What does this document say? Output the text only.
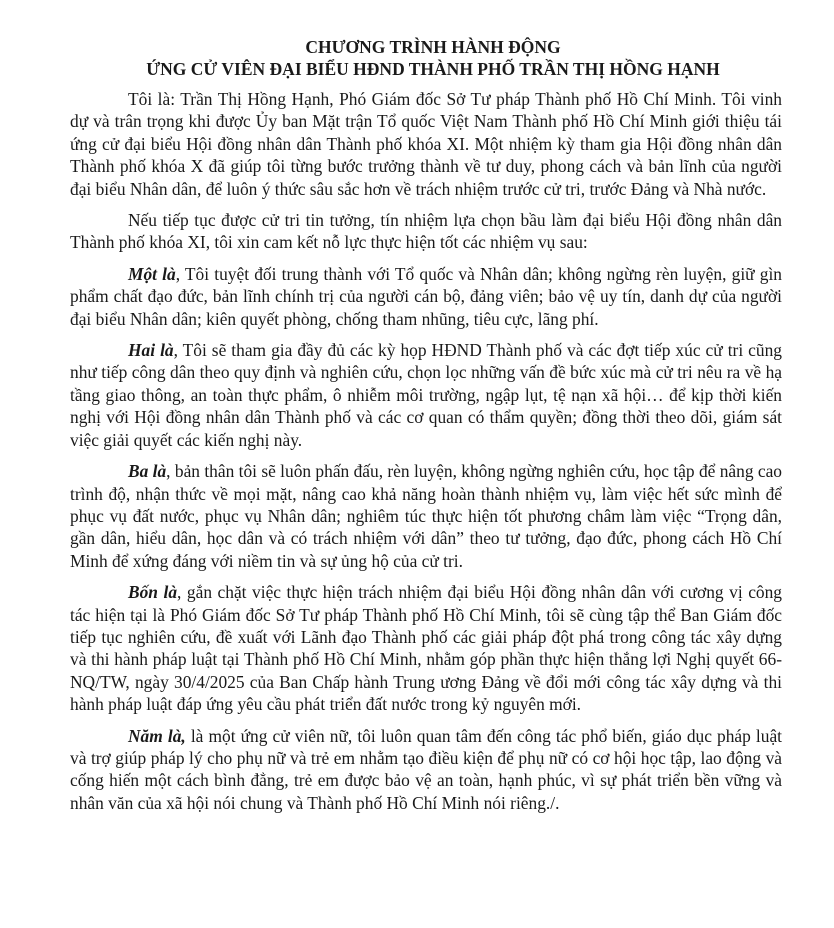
CHƯƠNG TRÌNH HÀNH ĐỘNG
ỨNG CỬ VIÊN ĐẠI BIỂU HĐND THÀNH PHỐ TRẦN THỊ HỒNG HẠNH

Tôi là: Trần Thị Hồng Hạnh, Phó Giám đốc Sở Tư pháp Thành phố Hồ Chí Minh. Tôi vinh dự và trân trọng khi được Ủy ban Mặt trận Tổ quốc Việt Nam Thành phố Hồ Chí Minh giới thiệu tái ứng cử đại biểu Hội đồng nhân dân Thành phố khóa XI. Một nhiệm kỳ tham gia Hội đồng nhân dân Thành phố khóa X đã giúp tôi từng bước trưởng thành về tư duy, phong cách và bản lĩnh của người đại biểu Nhân dân, để luôn ý thức sâu sắc hơn về trách nhiệm trước cử tri, trước Đảng và Nhà nước.

Nếu tiếp tục được cử tri tin tưởng, tín nhiệm lựa chọn bầu làm đại biểu Hội đồng nhân dân Thành phố khóa XI, tôi xin cam kết nỗ lực thực hiện tốt các nhiệm vụ sau:

Một là, Tôi tuyệt đối trung thành với Tổ quốc và Nhân dân; không ngừng rèn luyện, giữ gìn phẩm chất đạo đức, bản lĩnh chính trị của người cán bộ, đảng viên; bảo vệ uy tín, danh dự của người đại biểu Nhân dân; kiên quyết phòng, chống tham nhũng, tiêu cực, lãng phí.

Hai là, Tôi sẽ tham gia đầy đủ các kỳ họp HĐND Thành phố và các đợt tiếp xúc cử tri cũng như tiếp công dân theo quy định và nghiên cứu, chọn lọc những vấn đề bức xúc mà cử tri nêu ra về hạ tầng giao thông, an toàn thực phẩm, ô nhiễm môi trường, ngập lụt, tệ nạn xã hội… để kịp thời kiến nghị với Hội đồng nhân dân Thành phố và các cơ quan có thẩm quyền; đồng thời theo dõi, giám sát việc giải quyết các kiến nghị này.

Ba là, bản thân tôi sẽ luôn phấn đấu, rèn luyện, không ngừng nghiên cứu, học tập để nâng cao trình độ, nhận thức về mọi mặt, nâng cao khả năng hoàn thành nhiệm vụ, làm việc hết sức mình để phục vụ đất nước, phục vụ Nhân dân; nghiêm túc thực hiện tốt phương châm làm việc “Trọng dân, gần dân, hiểu dân, học dân và có trách nhiệm với dân” theo tư tưởng, đạo đức, phong cách Hồ Chí Minh để xứng đáng với niềm tin và sự ủng hộ của cử tri.

Bốn là, gắn chặt việc thực hiện trách nhiệm đại biểu Hội đồng nhân dân với cương vị công tác hiện tại là Phó Giám đốc Sở Tư pháp Thành phố Hồ Chí Minh, tôi sẽ cùng tập thể Ban Giám đốc tiếp tục nghiên cứu, đề xuất với Lãnh đạo Thành phố các giải pháp đột phá trong công tác xây dựng và thi hành pháp luật tại Thành phố Hồ Chí Minh, nhằm góp phần thực hiện thắng lợi Nghị quyết 66-NQ/TW, ngày 30/4/2025 của Ban Chấp hành Trung ương Đảng về đổi mới công tác xây dựng và thi hành pháp luật đáp ứng yêu cầu phát triển đất nước trong kỷ nguyên mới.

Năm là, là một ứng cử viên nữ, tôi luôn quan tâm đến công tác phổ biến, giáo dục pháp luật và trợ giúp pháp lý cho phụ nữ và trẻ em nhằm tạo điều kiện để phụ nữ có cơ hội học tập, lao động và cống hiến một cách bình đẳng, trẻ em được bảo vệ an toàn, hạnh phúc, vì sự phát triển bền vững và nhân văn của xã hội nói chung và Thành phố Hồ Chí Minh nói riêng./.
